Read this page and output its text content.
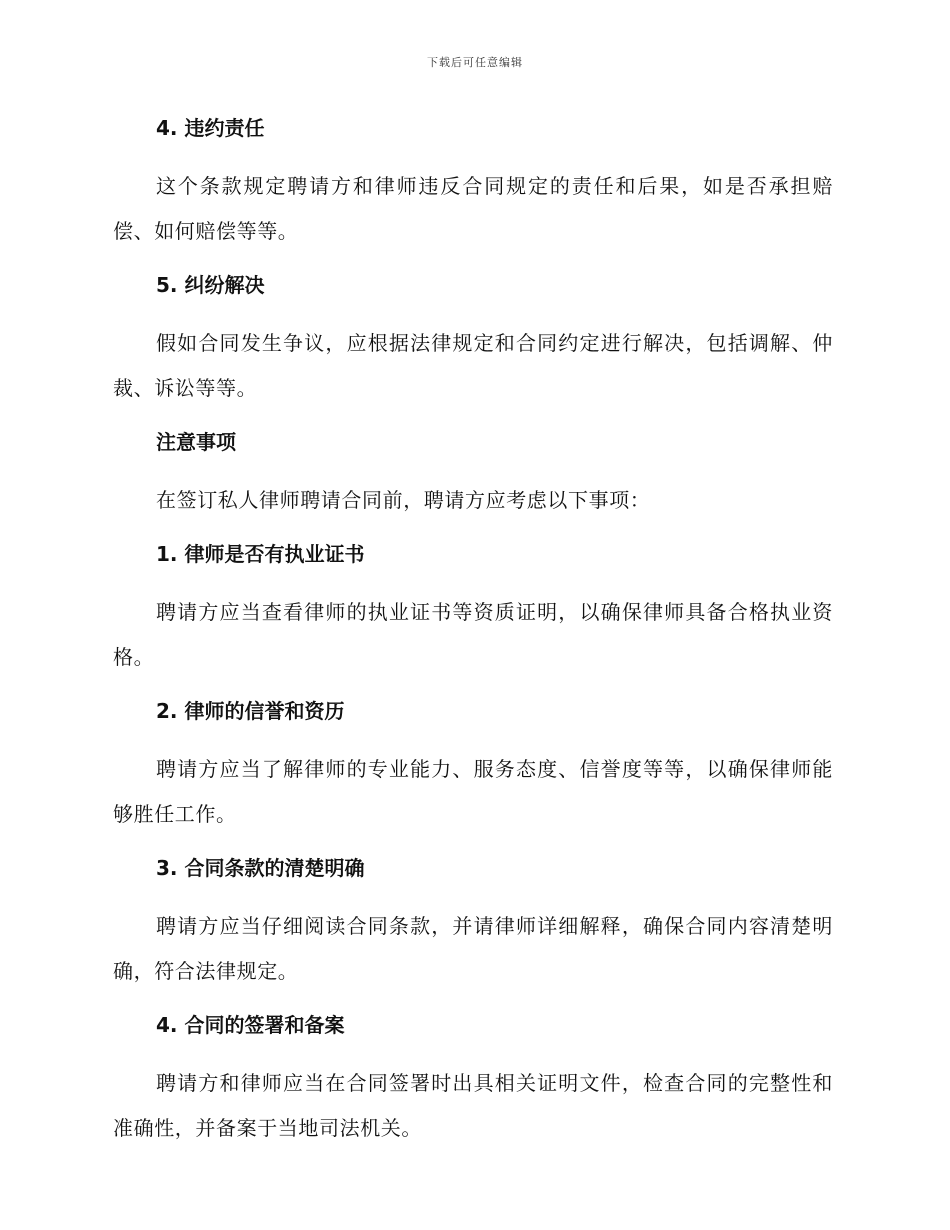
下载后可任意编辑
4. 违约责任

这个条款规定聘请方和律师违反合同规定的责任和后果，如是否承担赔偿、如何赔偿等等。

5. 纠纷解决

假如合同发生争议，应根据法律规定和合同约定进行解决，包括调解、仲裁、诉讼等等。

注意事项

在签订私人律师聘请合同前，聘请方应考虑以下事项：

1. 律师是否有执业证书

聘请方应当查看律师的执业证书等资质证明，以确保律师具备合格执业资格。

2. 律师的信誉和资历

聘请方应当了解律师的专业能力、服务态度、信誉度等等，以确保律师能够胜任工作。

3. 合同条款的清楚明确

聘请方应当仔细阅读合同条款，并请律师详细解释，确保合同内容清楚明确，符合法律规定。

4. 合同的签署和备案

聘请方和律师应当在合同签署时出具相关证明文件，检查合同的完整性和准确性，并备案于当地司法机关。
